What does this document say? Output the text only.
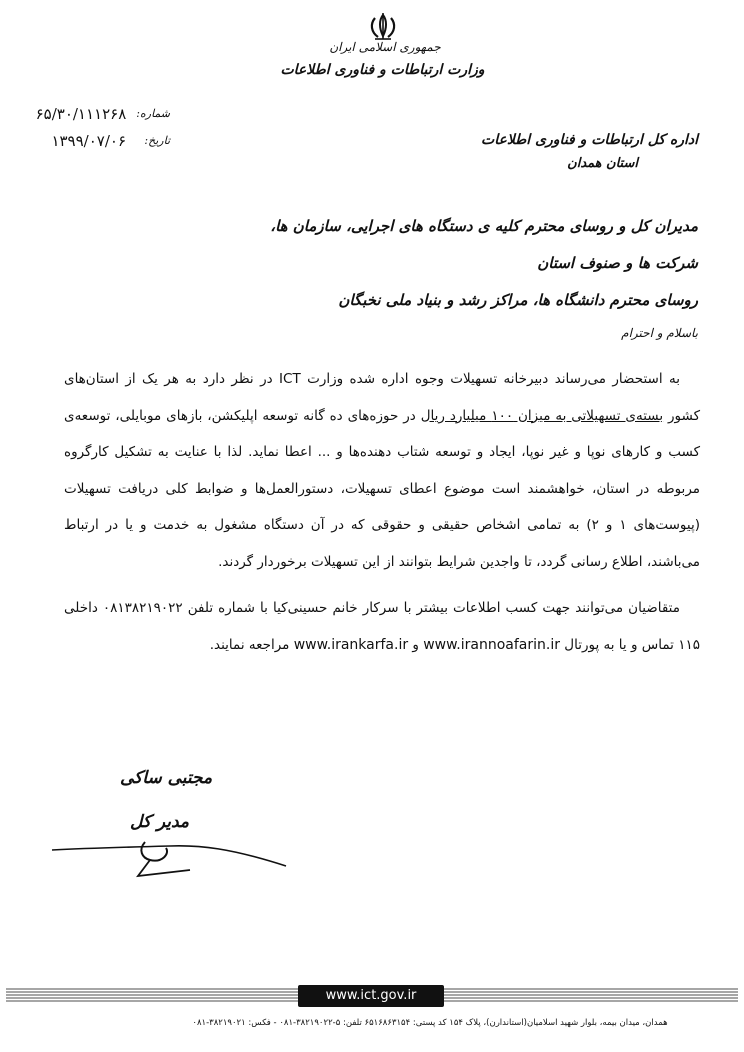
جمهوری اسلامی ایران
وزارت ارتباطات و فناوری اطلاعات
شماره:
۶۵/۳۰/۱۱۱۲۶۸
تاریخ:
۱۳۹۹/۰۷/۰۶	اداره کل ارتباطات و فناوری اطلاعات
استان همدان
مدیران کل و روسای محترم کلیه ی دستگاه های اجرایی، سازمان ها، شرکت ها و صنوف استان
روسای محترم دانشگاه ها، مراکز رشد و بنیاد ملی نخبگان
باسلام و احترام

به استحضار می‌رساند دبیرخانه تسهیلات وجوه اداره شده وزارت ICT در نظر دارد به هر یک از استان‌های کشور بسته‌ی تسهیلاتی به میزان ۱۰۰ میلیارد ریال در حوزه‌های ده گانه توسعه اپلیکشن، بازهای موبایلی، توسعه‌ی کسب و کارهای نوپا و غیر نوپا، ایجاد و توسعه شتاب دهنده‌ها و ... اعطا نماید. لذا با عنایت به تشکیل کارگروه مربوطه در استان، خواهشمند است موضوع اعطای تسهیلات، دستورالعمل‌ها و ضوابط کلی دریافت تسهیلات (پیوست‌های ۱ و ۲) به تمامی اشخاص حقیقی و حقوقی که در آن دستگاه مشغول به خدمت و یا در ارتباط می‌باشند، اطلاع رسانی گردد، تا واجدین شرایط بتوانند از این تسهیلات برخوردار گردند.

متقاضیان می‌توانند جهت کسب اطلاعات بیشتر با سرکار خانم حسینی‌کیا با شماره تلفن ۰۸۱۳۸۲۱۹۰۲۲ داخلی ۱۱۵ تماس و یا به پورتال www.irannoafarin.ir و www.irankarfa.ir مراجعه نمایند.

مجتبی ساکی
مدیر کل
www.ict.gov.ir
همدان، میدان بیمه، بلوار شهید اسلامیان(استاندارن)، پلاک ۱۵۴ کد پستی: ۶۵۱۶۸۶۳۱۵۴ تلفن: ۵-۳۸۲۱۹۰۲۲-۰۸۱ - فکس: ۳۸۲۱۹۰۲۱-۰۸۱
